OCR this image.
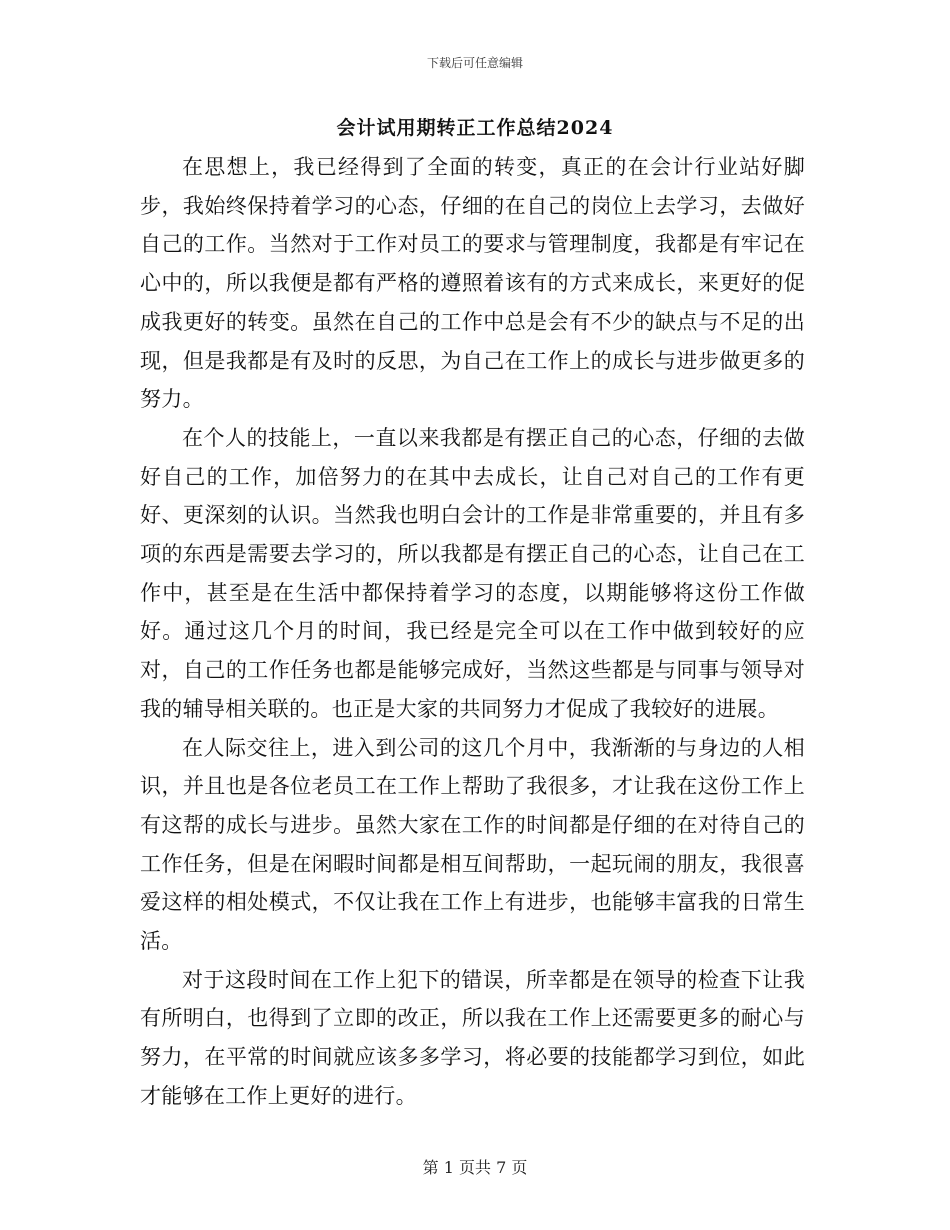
下载后可任意编辑
会计试用期转正工作总结2024

在思想上，我已经得到了全面的转变，真正的在会计行业站好脚步，我始终保持着学习的心态，仔细的在自己的岗位上去学习，去做好自己的工作。当然对于工作对员工的要求与管理制度，我都是有牢记在心中的，所以我便是都有严格的遵照着该有的方式来成长，来更好的促成我更好的转变。虽然在自己的工作中总是会有不少的缺点与不足的出现，但是我都是有及时的反思，为自己在工作上的成长与进步做更多的努力。

在个人的技能上，一直以来我都是有摆正自己的心态，仔细的去做好自己的工作，加倍努力的在其中去成长，让自己对自己的工作有更好、更深刻的认识。当然我也明白会计的工作是非常重要的，并且有多项的东西是需要去学习的，所以我都是有摆正自己的心态，让自己在工作中，甚至是在生活中都保持着学习的态度，以期能够将这份工作做好。通过这几个月的时间，我已经是完全可以在工作中做到较好的应对，自己的工作任务也都是能够完成好，当然这些都是与同事与领导对我的辅导相关联的。也正是大家的共同努力才促成了我较好的进展。

在人际交往上，进入到公司的这几个月中，我渐渐的与身边的人相识，并且也是各位老员工在工作上帮助了我很多，才让我在这份工作上有这帮的成长与进步。虽然大家在工作的时间都是仔细的在对待自己的工作任务，但是在闲暇时间都是相互间帮助，一起玩闹的朋友，我很喜爱这样的相处模式，不仅让我在工作上有进步，也能够丰富我的日常生活。

对于这段时间在工作上犯下的错误，所幸都是在领导的检查下让我有所明白，也得到了立即的改正，所以我在工作上还需要更多的耐心与努力，在平常的时间就应该多多学习，将必要的技能都学习到位，如此才能够在工作上更好的进行。

第 1 页共 7 页
